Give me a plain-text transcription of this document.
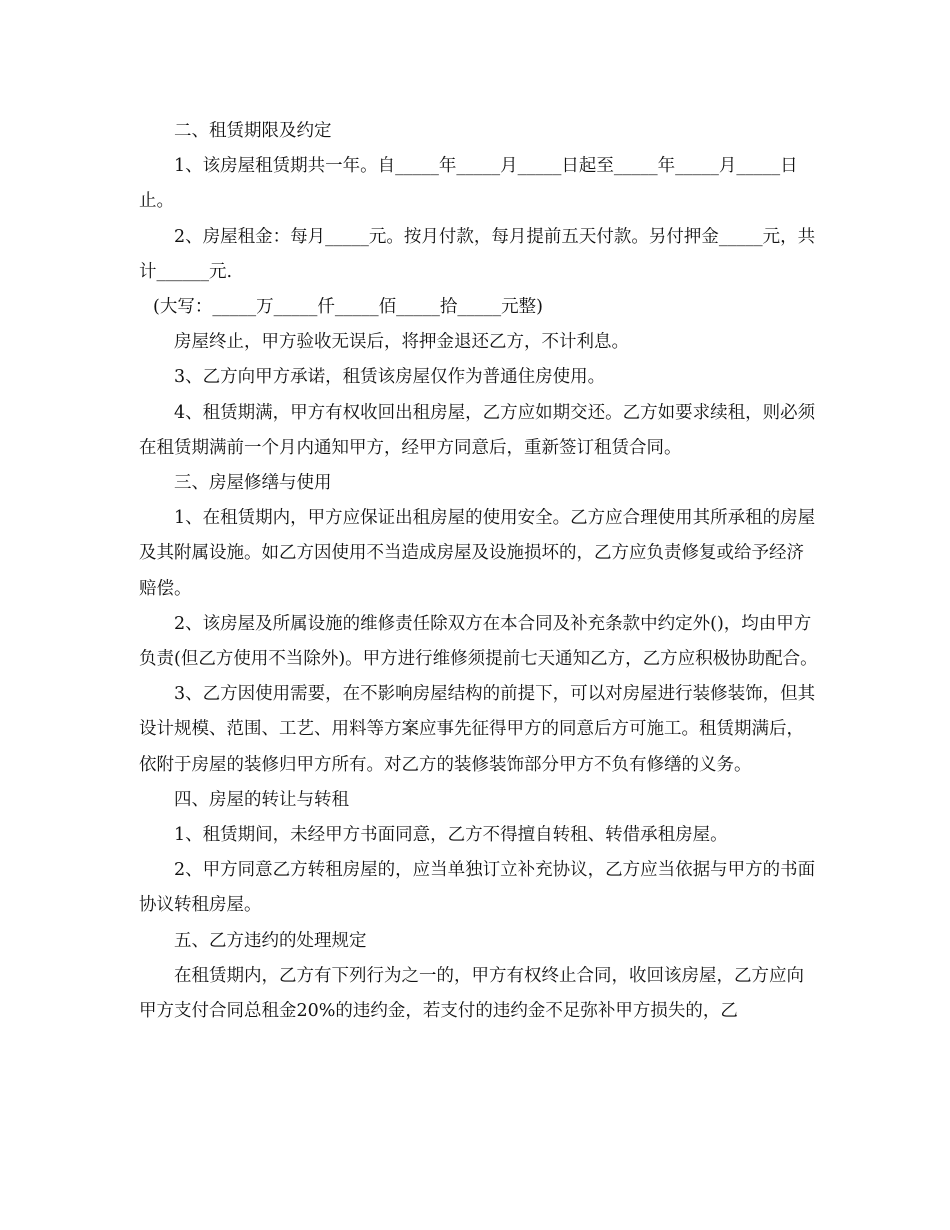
二、租赁期限及约定

1、该房屋租赁期共一年。自_____年_____月_____日起至_____年_____月_____日止。

2、房屋租金：每月_____元。按月付款，每月提前五天付款。另付押金_____元，共计______元.

(大写：_____万_____仟_____佰_____拾_____元整)

房屋终止，甲方验收无误后，将押金退还乙方，不计利息。

3、乙方向甲方承诺，租赁该房屋仅作为普通住房使用。

4、租赁期满，甲方有权收回出租房屋，乙方应如期交还。乙方如要求续租，则必须在租赁期满前一个月内通知甲方，经甲方同意后，重新签订租赁合同。

三、房屋修缮与使用

1、在租赁期内，甲方应保证出租房屋的使用安全。乙方应合理使用其所承租的房屋及其附属设施。如乙方因使用不当造成房屋及设施损坏的，乙方应负责修复或给予经济赔偿。

2、该房屋及所属设施的维修责任除双方在本合同及补充条款中约定外()，均由甲方负责(但乙方使用不当除外)。甲方进行维修须提前七天通知乙方，乙方应积极协助配合。

3、乙方因使用需要，在不影响房屋结构的前提下，可以对房屋进行装修装饰，但其设计规模、范围、工艺、用料等方案应事先征得甲方的同意后方可施工。租赁期满后，依附于房屋的装修归甲方所有。对乙方的装修装饰部分甲方不负有修缮的义务。

四、房屋的转让与转租

1、租赁期间，未经甲方书面同意，乙方不得擅自转租、转借承租房屋。

2、甲方同意乙方转租房屋的，应当单独订立补充协议，乙方应当依据与甲方的书面协议转租房屋。

五、乙方违约的处理规定

在租赁期内，乙方有下列行为之一的，甲方有权终止合同，收回该房屋，乙方应向甲方支付合同总租金20%的违约金，若支付的违约金不足弥补甲方损失的，乙
